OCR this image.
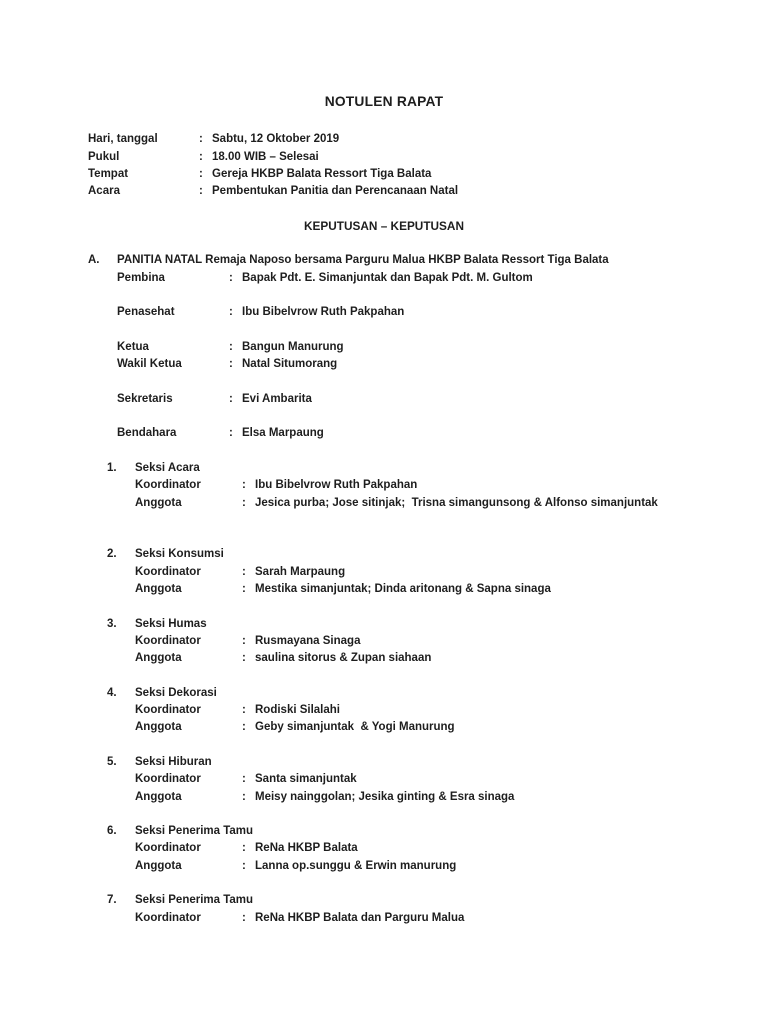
NOTULEN RAPAT
Hari, tanggal	: Sabtu, 12 Oktober 2019
Pukul	: 18.00 WIB – Selesai
Tempat	: Gereja HKBP Balata Ressort Tiga Balata
Acara	: Pembentukan Panitia dan Perencanaan Natal
KEPUTUSAN – KEPUTUSAN
A.	PANITIA NATAL Remaja Naposo bersama Parguru Malua HKBP Balata Ressort Tiga Balata
Pembina	: Bapak Pdt. E. Simanjuntak dan Bapak Pdt. M. Gultom
Penasehat	: Ibu Bibelvrow Ruth Pakpahan
Ketua	: Bangun Manurung
Wakil Ketua	: Natal Situmorang
Sekretaris	: Evi Ambarita
Bendahara	: Elsa Marpaung
1.	Seksi Acara
Koordinator	: Ibu Bibelvrow Ruth Pakpahan
Anggota	: Jesica purba; Jose sitinjak;  Trisna simangunsong & Alfonso simanjuntak
2.	Seksi Konsumsi
Koordinator	: Sarah Marpaung
Anggota	: Mestika simanjuntak; Dinda aritonang & Sapna sinaga
3.	Seksi Humas
Koordinator	: Rusmayana Sinaga
Anggota	: saulina sitorus & Zupan siahaan
4.	Seksi Dekorasi
Koordinator	: Rodiski Silalahi
Anggota	: Geby simanjuntak  & Yogi Manurung
5.	Seksi Hiburan
Koordinator	: Santa simanjuntak
Anggota	: Meisy nainggolan; Jesika ginting & Esra sinaga
6.	Seksi Penerima Tamu
Koordinator	: ReNa HKBP Balata
Anggota	: Lanna op.sunggu & Erwin manurung
7.	Seksi Penerima Tamu
Koordinator	: ReNa HKBP Balata dan Parguru Malua
